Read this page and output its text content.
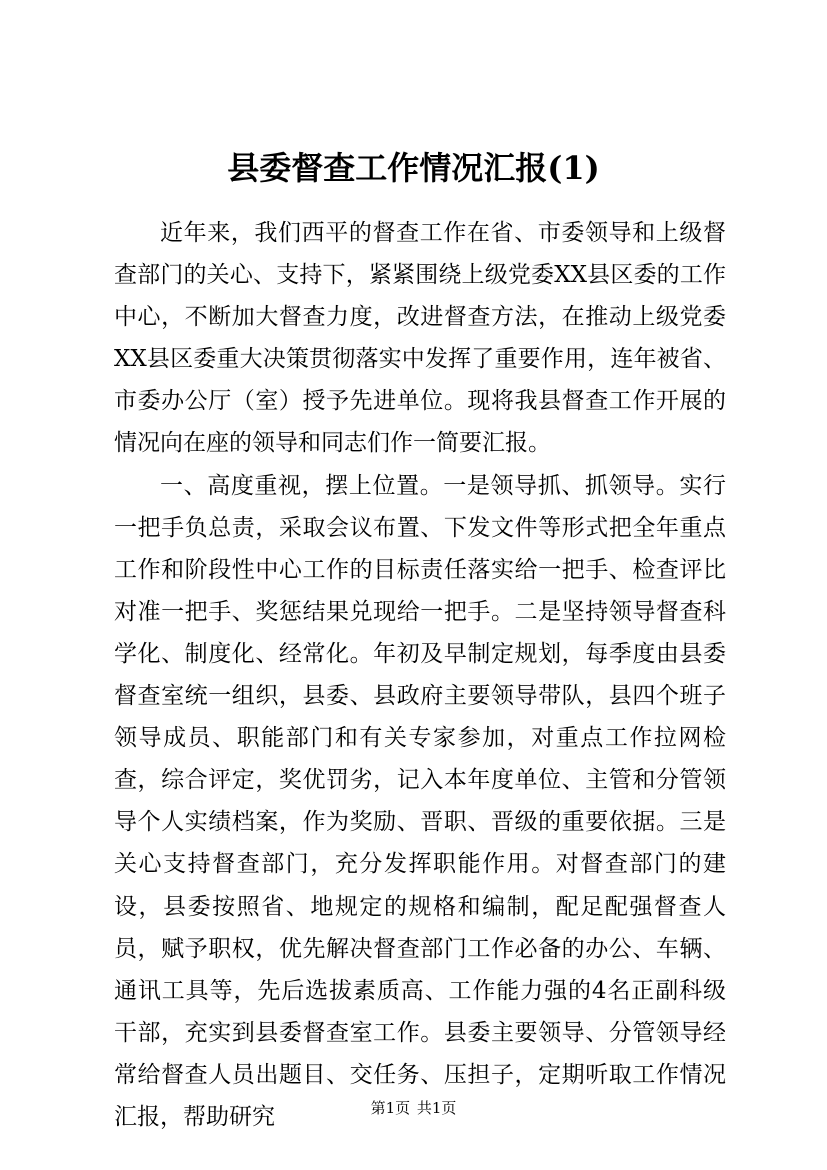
县委督查工作情况汇报(1)

近年来，我们西平的督查工作在省、市委领导和上级督查部门的关心、支持下，紧紧围绕上级党委XX县区委的工作中心，不断加大督查力度，改进督查方法，在推动上级党委XX县区委重大决策贯彻落实中发挥了重要作用，连年被省、市委办公厅（室）授予先进单位。现将我县督查工作开展的情况向在座的领导和同志们作一简要汇报。

一、高度重视，摆上位置。一是领导抓、抓领导。实行一把手负总责，采取会议布置、下发文件等形式把全年重点工作和阶段性中心工作的目标责任落实给一把手、检查评比对准一把手、奖惩结果兑现给一把手。二是坚持领导督查科学化、制度化、经常化。年初及早制定规划，每季度由县委督查室统一组织，县委、县政府主要领导带队，县四个班子领导成员、职能部门和有关专家参加，对重点工作拉网检查，综合评定，奖优罚劣，记入本年度单位、主管和分管领导个人实绩档案，作为奖励、晋职、晋级的重要依据。三是关心支持督查部门，充分发挥职能作用。对督查部门的建设，县委按照省、地规定的规格和编制，配足配强督查人员，赋予职权，优先解决督查部门工作必备的办公、车辆、通讯工具等，先后选拔素质高、工作能力强的4名正副科级干部，充实到县委督查室工作。县委主要领导、分管领导经常给督查人员出题目、交任务、压担子，定期听取工作情况汇报，帮助研究	第1页 共1页
